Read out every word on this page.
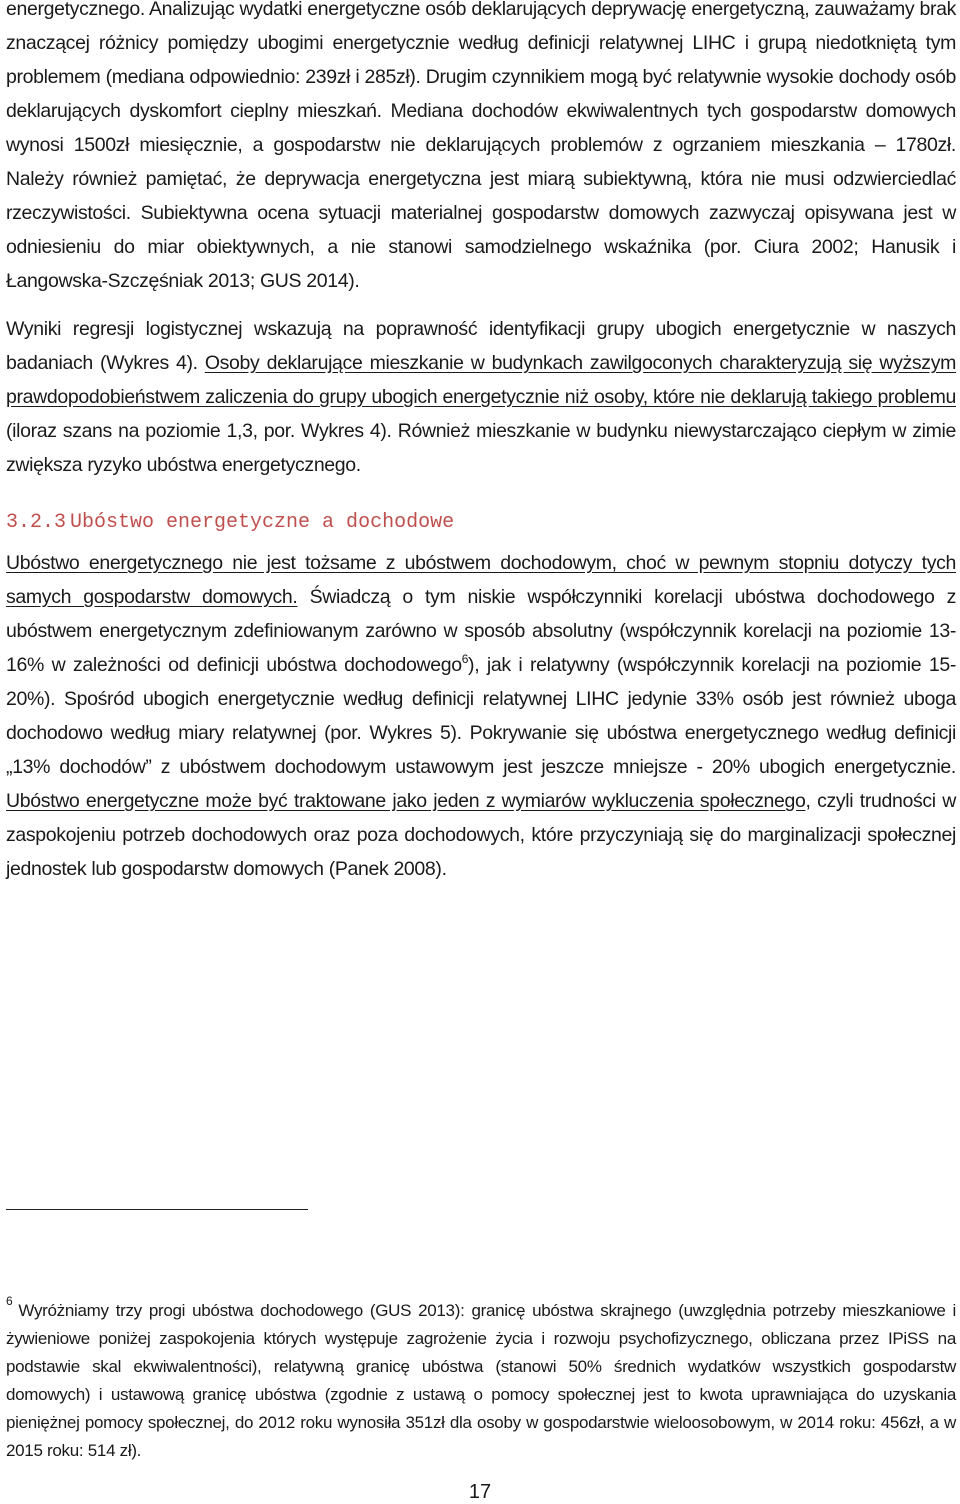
energetycznego. Analizując wydatki energetyczne osób deklarujących deprywację energetyczną, zauważamy brak znaczącej różnicy pomiędzy ubogimi energetycznie według definicji relatywnej LIHC i grupą niedotkniętą tym problemem (mediana odpowiednio: 239zł i 285zł). Drugim czynnikiem mogą być relatywnie wysokie dochody osób deklarujących dyskomfort cieplny mieszkań. Mediana dochodów ekwiwalentnych tych gospodarstw domowych wynosi 1500zł miesięcznie, a gospodarstw nie deklarujących problemów z ogrzaniem mieszkania – 1780zł. Należy również pamiętać, że deprywacja energetyczna jest miarą subiektywną, która nie musi odzwierciedlać rzeczywistości. Subiektywna ocena sytuacji materialnej gospodarstw domowych zazwyczaj opisywana jest w odniesieniu do miar obiektywnych, a nie stanowi samodzielnego wskaźnika (por. Ciura 2002; Hanusik i Łangowska-Szczęśniak 2013; GUS 2014).

Wyniki regresji logistycznej wskazują na poprawność identyfikacji grupy ubogich energetycznie w naszych badaniach (Wykres 4). Osoby deklarujące mieszkanie w budynkach zawilgoconych charakteryzują się wyższym prawdopodobieństwem zaliczenia do grupy ubogich energetycznie niż osoby, które nie deklarują takiego problemu (iloraz szans na poziomie 1,3, por. Wykres 4). Również mieszkanie w budynku niewystarczająco ciepłym w zimie zwiększa ryzyko ubóstwa energetycznego.

3.2.3 Ubóstwo energetyczne a dochodowe

Ubóstwo energetycznego nie jest tożsame z ubóstwem dochodowym, choć w pewnym stopniu dotyczy tych samych gospodarstw domowych. Świadczą o tym niskie współczynniki korelacji ubóstwa dochodowego z ubóstwem energetycznym zdefiniowanym zarówno w sposób absolutny (współczynnik korelacji na poziomie 13-16% w zależności od definicji ubóstwa dochodowego$^6$), jak i relatywny (współczynnik korelacji na poziomie 15-20%). Spośród ubogich energetycznie według definicji relatywnej LIHC jedynie 33% osób jest również uboga dochodowo według miary relatywnej (por. Wykres 5). Pokrywanie się ubóstwa energetycznego według definicji „13% dochodów” z ubóstwem dochodowym ustawowym jest jeszcze mniejsze - 20% ubogich energetycznie. Ubóstwo energetyczne może być traktowane jako jeden z wymiarów wykluczenia społecznego, czyli trudności w zaspokojeniu potrzeb dochodowych oraz poza dochodowych, które przyczyniają się do marginalizacji społecznej jednostek lub gospodarstw domowych (Panek 2008).

$^6$ Wyróżniamy trzy progi ubóstwa dochodowego (GUS 2013): granicę ubóstwa skrajnego (uwzględnia potrzeby mieszkaniowe i żywieniowe poniżej zaspokojenia których występuje zagrożenie życia i rozwoju psychofizycznego, obliczana przez IPiSS na podstawie skal ekwiwalentności), relatywną granicę ubóstwa (stanowi 50% średnich wydatków wszystkich gospodarstw domowych) i ustawową granicę ubóstwa (zgodnie z ustawą o pomocy społecznej jest to kwota uprawniająca do uzyskania pieniężnej pomocy społecznej, do 2012 roku wynosiła 351zł dla osoby w gospodarstwie wieloosobowym, w 2014 roku: 456zł, a w 2015 roku: 514 zł).

17
